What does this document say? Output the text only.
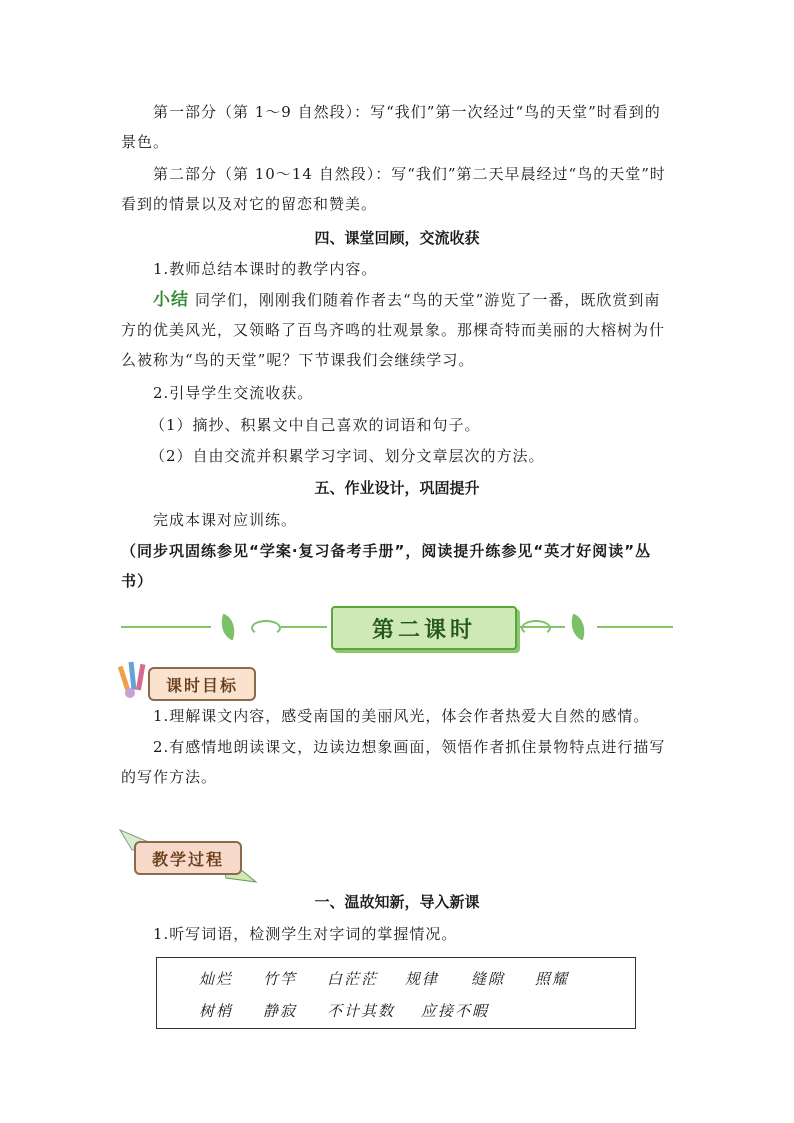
第一部分（第 1～9 自然段）：写“我们”第一次经过“鸟的天堂”时看到的景色。
第二部分（第 10～14 自然段）：写“我们”第二天早晨经过“鸟的天堂”时看到的情景以及对它的留恋和赞美。
四、课堂回顾，交流收获
1.教师总结本课时的教学内容。
小结 同学们，刚刚我们随着作者去“鸟的天堂”游览了一番，既欣赏到南方的优美风光，又领略了百鸟齐鸣的壮观景象。那棵奇特而美丽的大榕树为什么被称为“鸟的天堂”呢？下节课我们会继续学习。
2.引导学生交流收获。
（1）摘抄、积累文中自己喜欢的词语和句子。
（2）自由交流并积累学习字词、划分文章层次的方法。
五、作业设计，巩固提升
完成本课对应训练。
（同步巩固练参见“学案·复习备考手册”，阅读提升练参见“英才好阅读”丛书）
第二课时
课时目标
1.理解课文内容，感受南国的美丽风光，体会作者热爱大自然的感情。
2.有感情地朗读课文，边读边想象画面，领悟作者抓住景物特点进行描写的写作方法。
教学过程
一、温故知新，导入新课
1.听写词语，检测学生对字词的掌握情况。
灿烂 竹竿 白茫茫 规律 缝隙 照耀
树梢 静寂 不计其数 应接不暇
